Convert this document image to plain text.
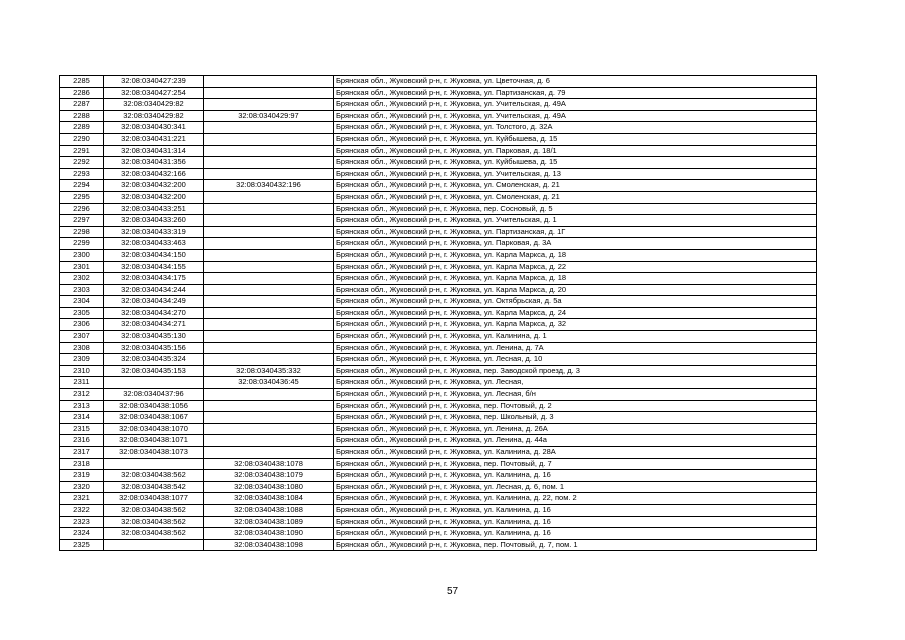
2285	32:08:0340427:239		Брянская обл., Жуковский р-н, г. Жуковка, ул. Цветочная, д. 6
2286	32:08:0340427:254		Брянская обл., Жуковский р-н, г. Жуковка, ул. Партизанская, д. 79
2287	32:08:0340429:82		Брянская обл., Жуковский р-н, г. Жуковка, ул. Учительская, д. 49А
2288	32:08:0340429:82	32:08:0340429:97	Брянская обл., Жуковский р-н, г. Жуковка, ул. Учительская, д. 49А
2289	32:08:0340430:341		Брянская обл., Жуковский р-н, г. Жуковка, ул. Толстого, д. 32А
2290	32:08:0340431:221		Брянская обл., Жуковский р-н, г. Жуковка, ул. Куйбышева, д. 15
2291	32:08:0340431:314		Брянская обл., Жуковский р-н, г. Жуковка, ул. Парковая, д. 18/1
2292	32:08:0340431:356		Брянская обл., Жуковский р-н, г. Жуковка, ул. Куйбышева, д. 15
2293	32:08:0340432:166		Брянская обл., Жуковский р-н, г. Жуковка, ул. Учительская, д. 13
2294	32:08:0340432:200	32:08:0340432:196	Брянская обл., Жуковский р-н, г. Жуковка, ул. Смоленская, д. 21
2295	32:08:0340432:200		Брянская обл., Жуковский р-н, г. Жуковка, ул. Смоленская, д. 21
2296	32:08:0340433:251		Брянская обл., Жуковский р-н, г. Жуковка, пер. Сосновый, д. 5
2297	32:08:0340433:260		Брянская обл., Жуковский р-н, г. Жуковка, ул. Учительская, д. 1
2298	32:08:0340433:319		Брянская обл., Жуковский р-н, г. Жуковка, ул. Партизанская, д. 1Г
2299	32:08:0340433:463		Брянская обл., Жуковский р-н, г. Жуковка, ул. Парковая, д. 3А
2300	32:08:0340434:150		Брянская обл., Жуковский р-н, г. Жуковка, ул. Карла Маркса, д. 18
2301	32:08:0340434:155		Брянская обл., Жуковский р-н, г. Жуковка, ул. Карла Маркса, д. 22
2302	32:08:0340434:175		Брянская обл., Жуковский р-н, г. Жуковка, ул. Карла Маркса, д. 18
2303	32:08:0340434:244		Брянская обл., Жуковский р-н, г. Жуковка, ул. Карла Маркса, д. 20
2304	32:08:0340434:249		Брянская обл., Жуковский р-н, г. Жуковка, ул. Октябрьская, д. 5а
2305	32:08:0340434:270		Брянская обл., Жуковский р-н, г. Жуковка, ул. Карла Маркса, д. 24
2306	32:08:0340434:271		Брянская обл., Жуковский р-н, г. Жуковка, ул. Карла Маркса, д. 32
2307	32:08:0340435:130		Брянская обл., Жуковский р-н, г. Жуковка, ул. Калинина, д. 1
2308	32:08:0340435:156		Брянская обл., Жуковский р-н, г. Жуковка, ул. Ленина, д. 7А
2309	32:08:0340435:324		Брянская обл., Жуковский р-н, г. Жуковка, ул. Лесная, д. 10
2310	32:08:0340435:153	32:08:0340435:332	Брянская обл., Жуковский р-н, г. Жуковка, пер. Заводской проезд, д. 3
2311		32:08:0340436:45	Брянская обл., Жуковский р-н, г. Жуковка, ул. Лесная,
2312	32:08:0340437:96		Брянская обл., Жуковский р-н, г. Жуковка, ул. Лесная, б/н
2313	32:08:0340438:1056		Брянская обл., Жуковский р-н, г. Жуковка, пер. Почтовый, д. 2
2314	32:08:0340438:1067		Брянская обл., Жуковский р-н, г. Жуковка, пер. Школьный, д. 3
2315	32:08:0340438:1070		Брянская обл., Жуковский р-н, г. Жуковка, ул. Ленина, д. 26А
2316	32:08:0340438:1071		Брянская обл., Жуковский р-н, г. Жуковка, ул. Ленина, д. 44а
2317	32:08:0340438:1073		Брянская обл., Жуковский р-н, г. Жуковка, ул. Калинина, д. 28А
2318		32:08:0340438:1078	Брянская обл., Жуковский р-н, г. Жуковка, пер. Почтовый, д. 7
2319	32:08:0340438:562	32:08:0340438:1079	Брянская обл., Жуковский р-н, г. Жуковка, ул. Калинина, д. 16
2320	32:08:0340438:542	32:08:0340438:1080	Брянская обл., Жуковский р-н, г. Жуковка, ул. Лесная, д. 6, пом. 1
2321	32:08:0340438:1077	32:08:0340438:1084	Брянская обл., Жуковский р-н, г. Жуковка, ул. Калинина, д. 22, пом. 2
2322	32:08:0340438:562	32:08:0340438:1088	Брянская обл., Жуковский р-н, г. Жуковка, ул. Калинина, д. 16
2323	32:08:0340438:562	32:08:0340438:1089	Брянская обл., Жуковский р-н, г. Жуковка, ул. Калинина, д. 16
2324	32:08:0340438:562	32:08:0340438:1090	Брянская обл., Жуковский р-н, г. Жуковка, ул. Калинина, д. 16
2325		32:08:0340438:1098	Брянская обл., Жуковский р-н, г. Жуковка, пер. Почтовый, д. 7, пом. 1
57
